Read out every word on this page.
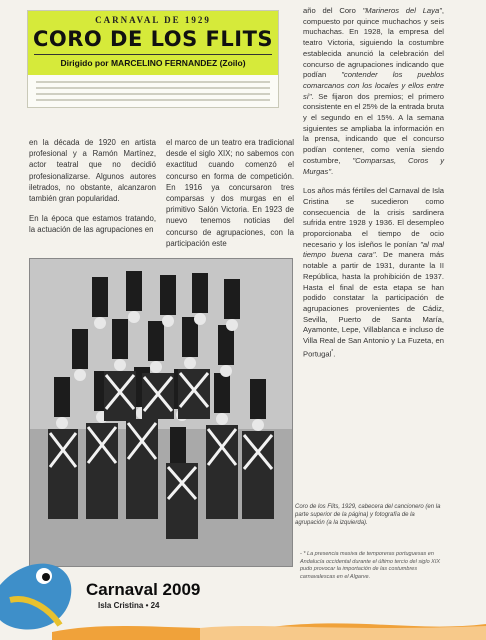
CARNAVAL DE 1929
CORO DE LOS FLITS
Dirigido por MARCELINO FERNANDEZ (Zoilo)

en la década de 1920 en artista profesional y a Ramón Martínez, actor teatral que no decidió profesionalizarse. Algunos autores iletrados, no obstante, alcanzaron también gran popularidad.

En la época que estamos tratando, la actuación de las agrupaciones en

el marco de un teatro era tradicional desde el siglo XIX; no sabemos con exactitud cuando comenzó el concurso en forma de competición. En 1916 ya concursaron tres comparsas y dos murgas en el primitivo Salón Victoria. En 1923 de nuevo tenemos noticias del concurso de agrupaciones, con la participación este

año del Coro "Marineros del Laya", compuesto por quince muchachos y seis muchachas. En 1928, la empresa del teatro Victoria, siguiendo la costumbre establecida anunció la celebración del concurso de agrupaciones indicando que podían "contender los pueblos comarcanos con los locales y ellos entre sí". Se fijaron dos premios; el primero consistente en el 25% de la entrada bruta y el segundo en el 15%. A la semana siguientes se ampliaba la información en la prensa, indicando que el concurso podían contener, como venía siendo costumbre, "Comparsas, Coros y Murgas".

Los años más fértiles del Carnaval de Isla Cristina se sucedieron como consecuencia de la crisis sardinera sufrida entre 1928 y 1936. El desempleo proporcionaba el tiempo de ocio necesario y los isleños le ponían "al mal tiempo buena cara". De manera más notable a partir de 1931, durante la II República, hasta la prohibición de 1937. Hasta el final de esta etapa se han podido constatar la participación de agrupaciones provenientes de Cádiz, Sevilla, Puerto de Santa María, Ayamonte, Lepe, Villablanca e incluso de Villa Real de San Antonio y La Fuzeta, en Portugal*.

Coro de los Flits, 1929, cabecera del cancionero (en la parte superior de la página) y fotografía de la agrupación (a la izquierda).
- * La presencia masiva de temporeras portuguesas en Andalucía occidental durante el último tercio del siglo XIX pudo provocar la importación de las costumbres carnavalescas en el Algarve.
Carnaval 2009
Isla Cristina • 24
